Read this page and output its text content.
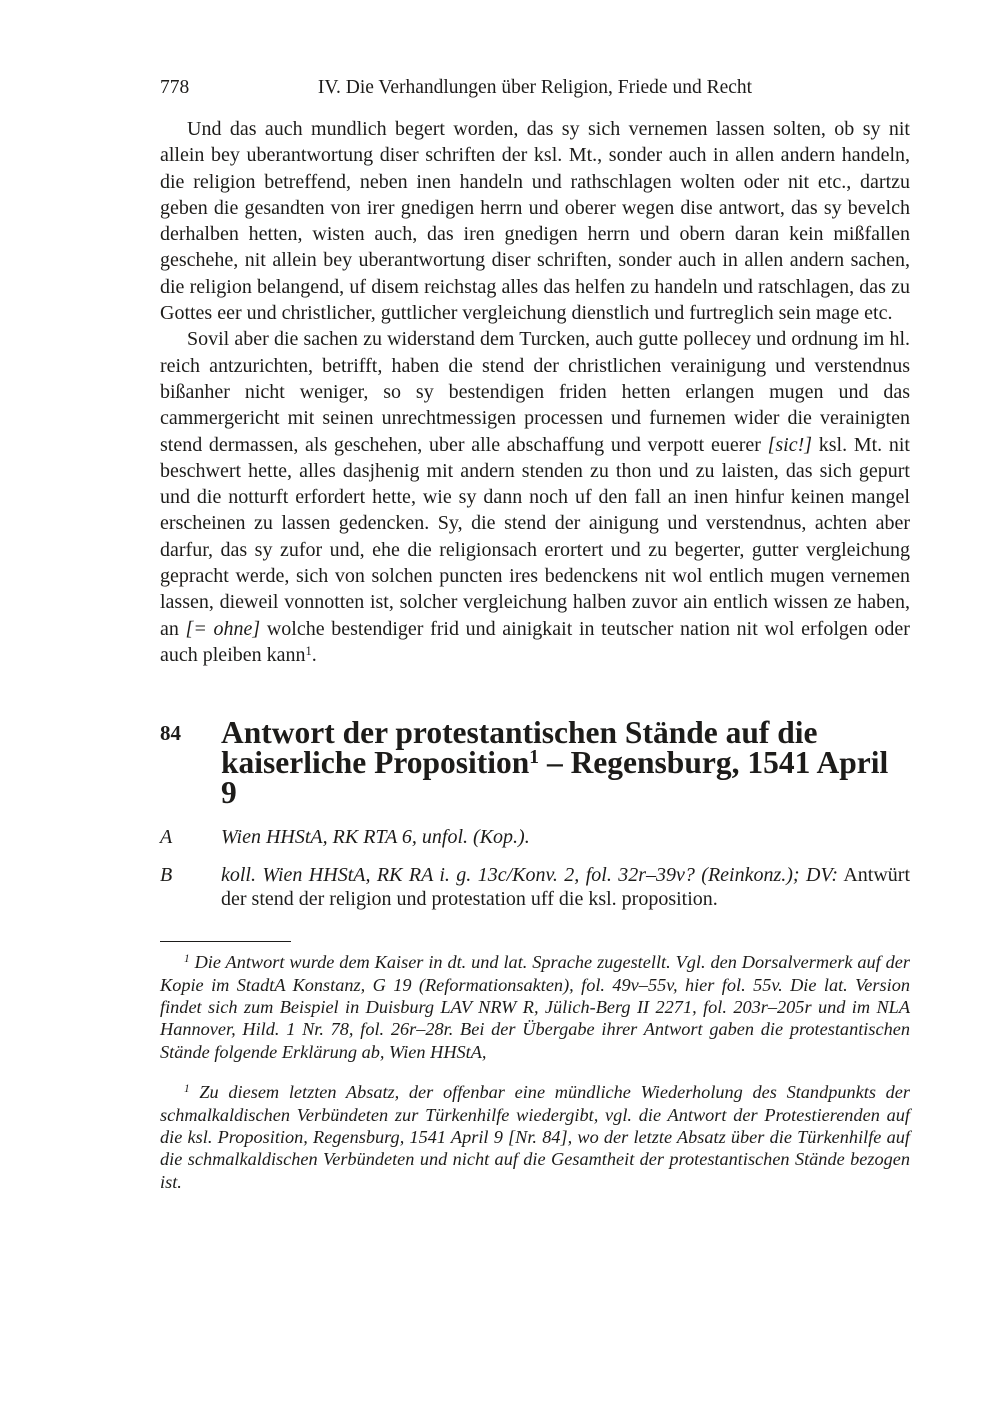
778	IV. Die Verhandlungen über Religion, Friede und Recht

Und das auch mundlich begert worden, das sy sich vernemen lassen solten, ob sy nit allein bey uberantwortung diser schriften der ksl. Mt., sonder auch in allen andern handeln, die religion betreffend, neben inen handeln und rathschlagen wolten oder nit etc., dartzu geben die gesandten von irer gnedigen herrn und oberer wegen dise antwort, das sy bevelch derhalben hetten, wisten auch, das iren gnedigen herrn und obern daran kein mißfallen geschehe, nit allein bey uberantwortung diser schriften, sonder auch in allen andern sachen, die religion belangend, uf disem reichstag alles das helfen zu handeln und ratschlagen, das zu Gottes eer und christlicher, guttlicher vergleichung dienstlich und furtreglich sein mage etc.

Sovil aber die sachen zu widerstand dem Turcken, auch gutte pollecey und ordnung im hl. reich antzurichten, betrifft, haben die stend der christlichen verainigung und verstendnus bißanher nicht weniger, so sy bestendigen friden hetten erlangen mugen und das cammergericht mit seinen unrechtmessigen processen und furnemen wider die verainigten stend dermassen, als geschehen, uber alle abschaffung und verpott euerer [sic!] ksl. Mt. nit beschwert hette, alles dasjhenig mit andern stenden zu thon und zu laisten, das sich gepurt und die notturft erfordert hette, wie sy dann noch uf den fall an inen hinfur keinen mangel erscheinen zu lassen gedencken. Sy, die stend der ainigung und verstendnus, achten aber darfur, das sy zufor und, ehe die religionsach erortert und zu begerter, gutter vergleichung gepracht werde, sich von solchen puncten ires bedenckens nit wol entlich mugen vernemen lassen, dieweil vonnotten ist, solcher vergleichung halben zuvor ain entlich wissen ze haben, an [= ohne] wolche bestendiger frid und ainigkait in teutscher nation nit wol erfolgen oder auch pleiben kann$^1$.

84	Antwort der protestantischen Stände auf die kaiserliche Proposition$^1$ – Regensburg, 1541 April 9
A	Wien HHStA, RK RTA 6, unfol. (Kop.).
B	koll. Wien HHStA, RK RA i. g. 13c/Konv. 2, fol. 32r–39v? (Reinkonz.); DV: Antwürt der stend der religion und protestation uff die ksl. proposition.

$^1$ Die Antwort wurde dem Kaiser in dt. und lat. Sprache zugestellt. Vgl. den Dorsalvermerk auf der Kopie im StadtA Konstanz, G 19 (Reformationsakten), fol. 49v–55v, hier fol. 55v. Die lat. Version findet sich zum Beispiel in Duisburg LAV NRW R, Jülich-Berg II 2271, fol. 203r–205r und im NLA Hannover, Hild. 1 Nr. 78, fol. 26r–28r. Bei der Übergabe ihrer Antwort gaben die protestantischen Stände folgende Erklärung ab, Wien HHStA,

$^1$ Zu diesem letzten Absatz, der offenbar eine mündliche Wiederholung des Standpunkts der schmalkaldischen Verbündeten zur Türkenhilfe wiedergibt, vgl. die Antwort der Protestierenden auf die ksl. Proposition, Regensburg, 1541 April 9 [Nr. 84], wo der letzte Absatz über die Türkenhilfe auf die schmalkaldischen Verbündeten und nicht auf die Gesamtheit der protestantischen Stände bezogen ist.
